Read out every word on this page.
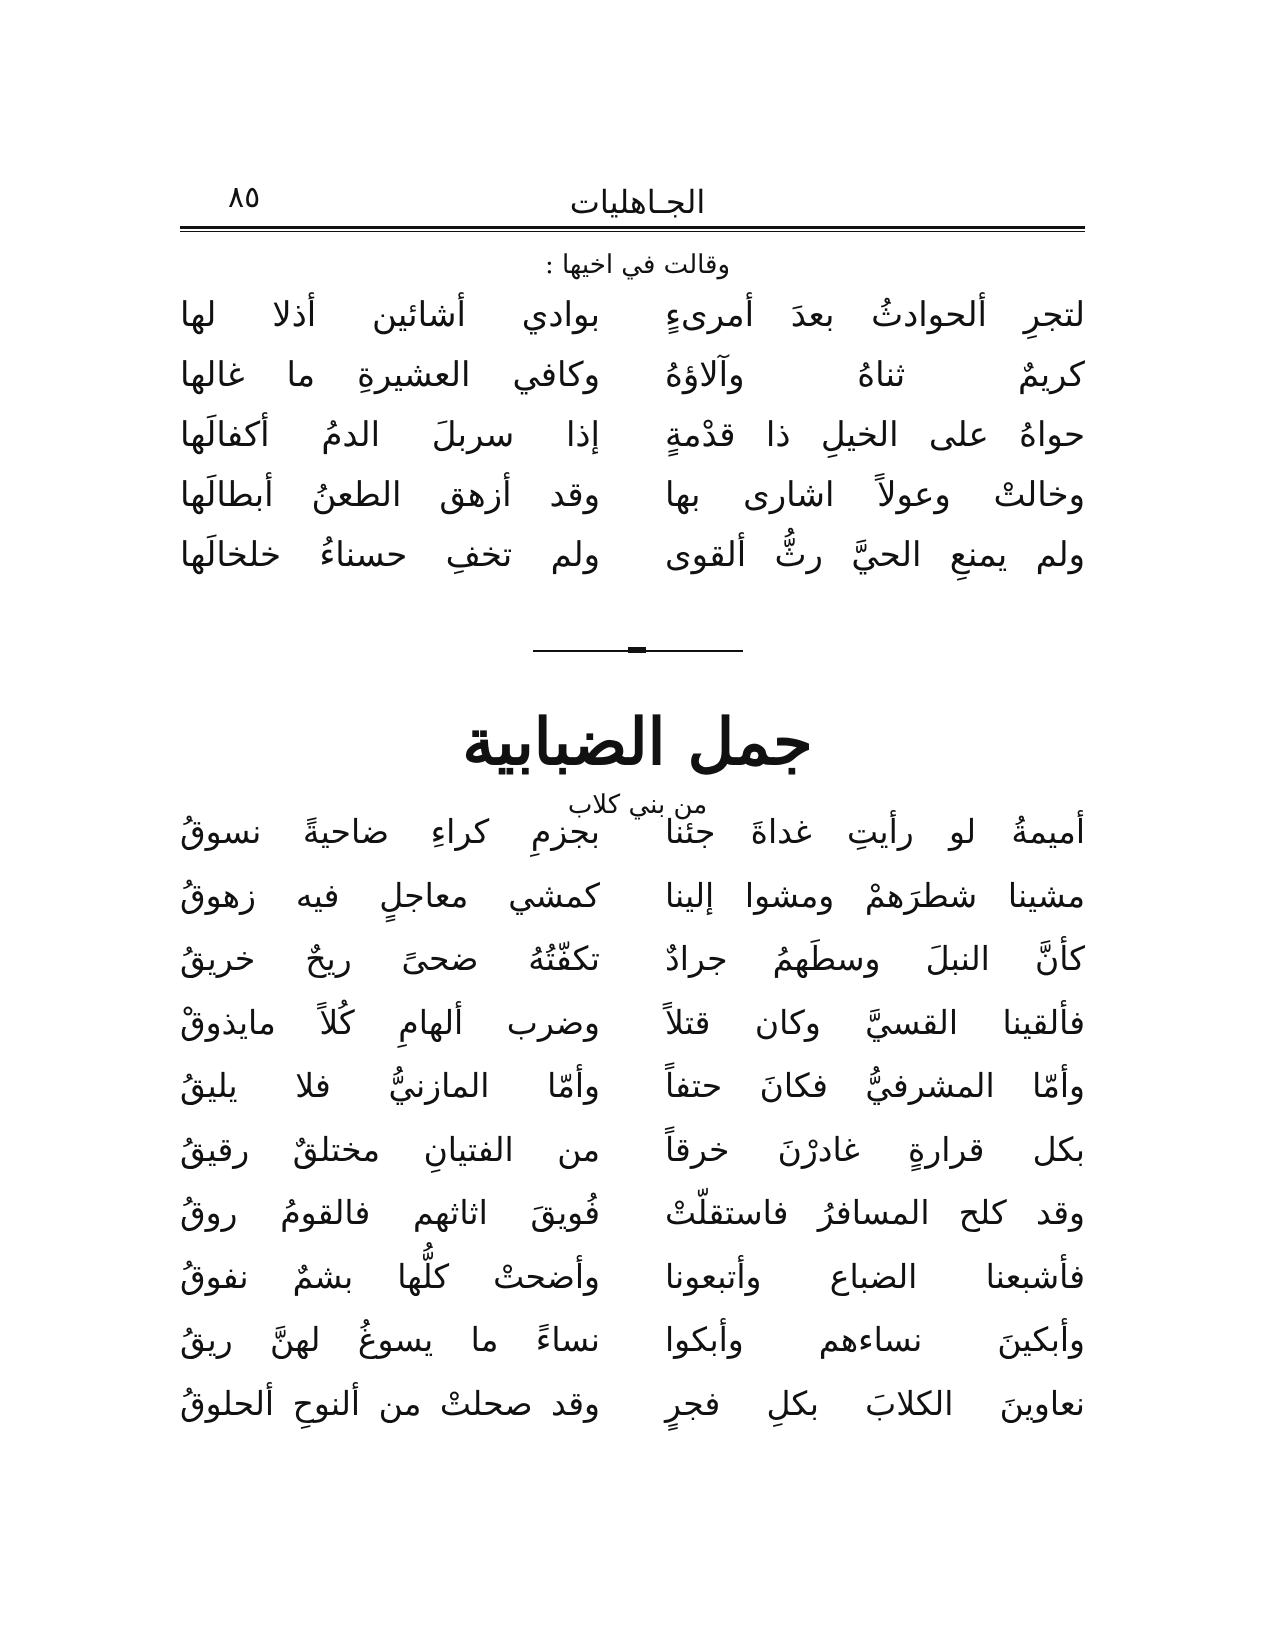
الجـاهليات
٨٥
وقالت في اخيها :
لتجرِ ألحوادثُ بعدَ أمرىءٍ
بوادي أشائين أذلا لها
كريمٌ ثناهُ وآلاؤهُ
وكافي العشيرةِ ما غالها
حواهُ على الخيلِ ذا قدْمةٍ
إذا سربلَ الدمُ أكفالَها
وخالتْ وعولاً اشارى بها
وقد أزهق الطعنُ أبطالَها
ولم يمنعِ الحيَّ رثُّ ألقوى
ولم تخفِ حسناءُ خلخالَها
جمل الضبابية
من بني كلاب
أميمةُ لو رأيتِ غداةَ جئنا
بجزمِ كراءِ ضاحيةً نسوقُ
مشينا شطرَهمْ ومشوا إلينا
كمشي معاجلٍ فيه زهوقُ
كأنَّ النبلَ وسطَهمُ جرادٌ
تكفّتُهُ ضحىً ريحٌ خريقُ
فألقينا القسيَّ وكان قتلاً
وضرب ألهامِ كُلاً مايذوقْ
وأمّا المشرفيُّ فكانَ حتفاً
وأمّا المازنيُّ فلا يليقُ
بكل قرارةٍ غادرْنَ خرقاً
من الفتيانِ مختلقٌ رقيقُ
وقد كلح المسافرُ فاستقلّتْ
فُويقَ اثاثهم فالقومُ روقُ
فأشبعنا الضباع وأتبعونا
وأضحتْ كلُّها بشمٌ نفوقُ
وأبكينَ نساءهم وأبكوا
نساءً ما يسوغُ لهنَّ ريقُ
نعاوينَ الكلابَ بكلِ فجرٍ
وقد صحلتْ من ألنوحِ ألحلوقُ
